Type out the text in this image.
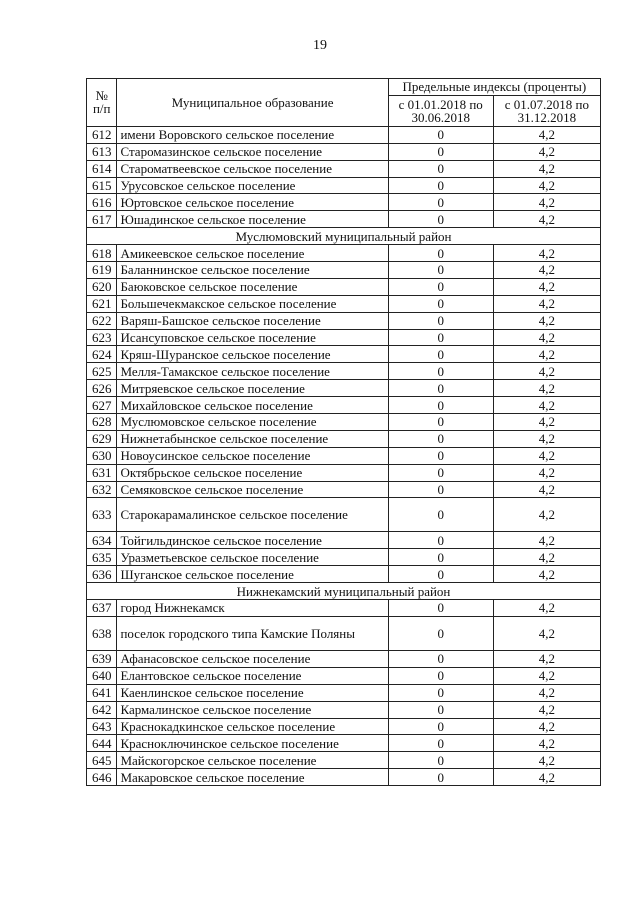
19
№ п/п	Муниципальное образование	Предельные индексы (проценты)	
		с 01.01.2018 по 30.06.2018	с 01.07.2018 по 31.12.2018
612	имени Воровского сельское поселение	0	4,2
613	Старомазинское сельское поселение	0	4,2
614	Староматвеевское сельское поселение	0	4,2
615	Урусовское сельское поселение	0	4,2
616	Юртовское сельское поселение	0	4,2
617	Юшадинское сельское поселение	0	4,2
Муслюмовский муниципальный район			
618	Амикеевское сельское поселение	0	4,2
619	Баланнинское сельское поселение	0	4,2
620	Баюковское сельское поселение	0	4,2
621	Большечекмакское сельское поселение	0	4,2
622	Варяш-Башское сельское поселение	0	4,2
623	Исансуповское сельское поселение	0	4,2
624	Кряш-Шуранское сельское поселение	0	4,2
625	Мелля-Тамакское сельское поселение	0	4,2
626	Митряевское сельское поселение	0	4,2
627	Михайловское сельское поселение	0	4,2
628	Муслюмовское сельское поселение	0	4,2
629	Нижнетабынское сельское поселение	0	4,2
630	Новоусинское сельское поселение	0	4,2
631	Октябрьское сельское поселение	0	4,2
632	Семяковское сельское поселение	0	4,2
633	Старокарамалинское сельское поселение	0	4,2
634	Тойгильдинское сельское поселение	0	4,2
635	Уразметьевское сельское поселение	0	4,2
636	Шуганское сельское поселение	0	4,2
Нижнекамский муниципальный район			
637	город Нижнекамск	0	4,2
638	поселок городского типа Камские Поляны	0	4,2
639	Афанасовское сельское поселение	0	4,2
640	Елантовское сельское поселение	0	4,2
641	Каенлинское сельское поселение	0	4,2
642	Кармалинское сельское поселение	0	4,2
643	Краснокадкинское сельское поселение	0	4,2
644	Красноключинское сельское поселение	0	4,2
645	Майскогорское сельское поселение	0	4,2
646	Макаровское сельское поселение	0	4,2
